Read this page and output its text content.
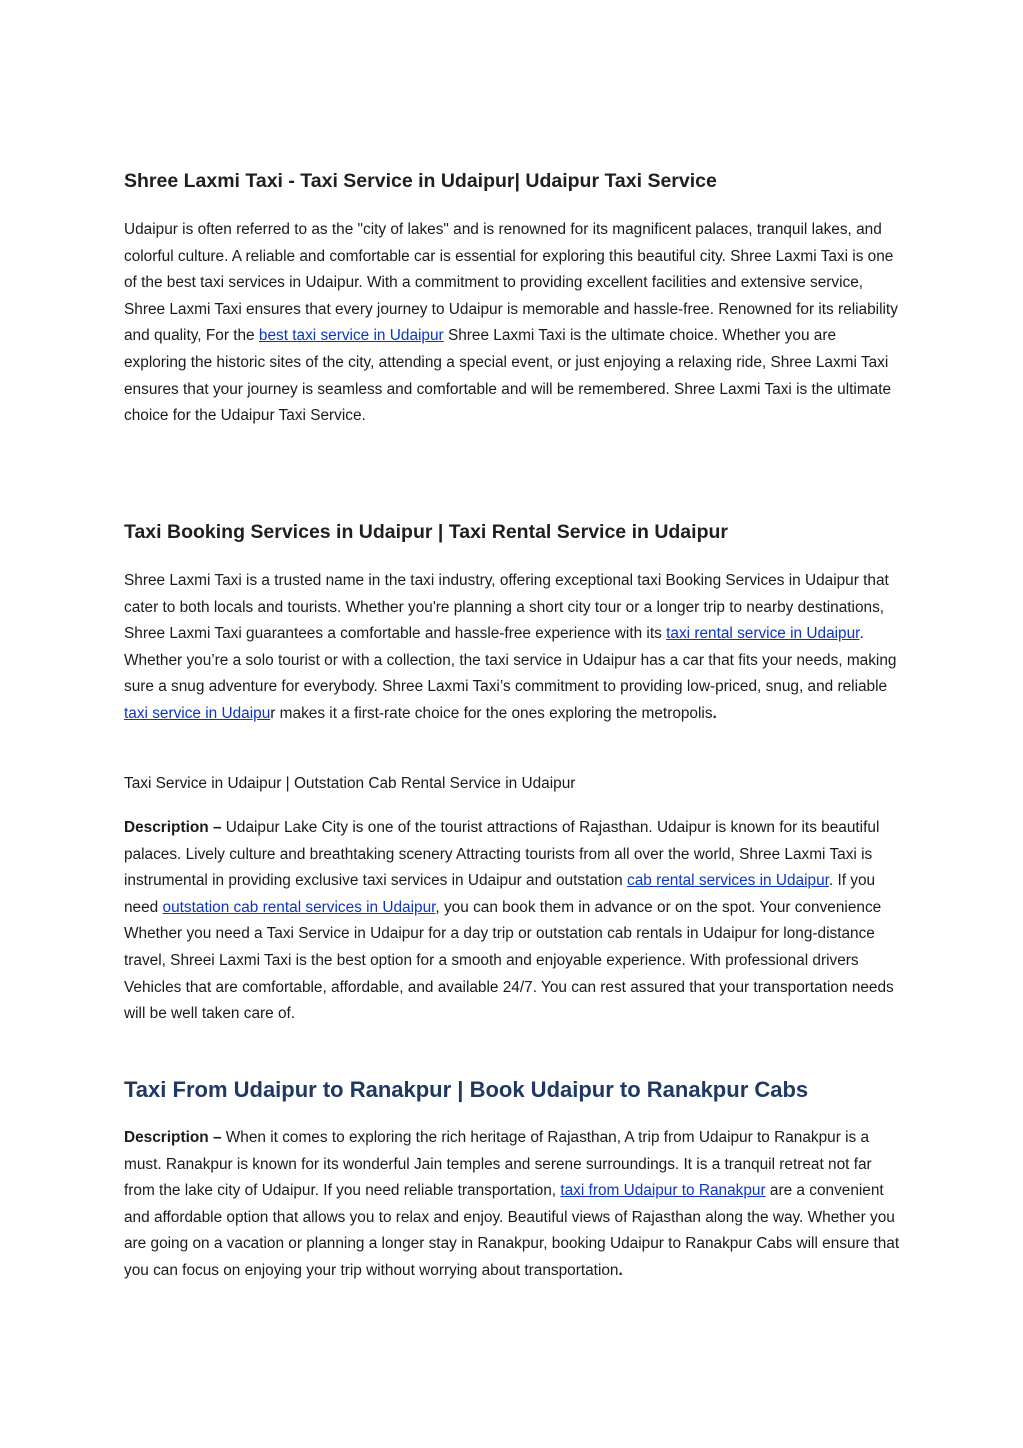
Shree Laxmi Taxi - Taxi Service in Udaipur| Udaipur Taxi Service

Udaipur is often referred to as the "city of lakes" and is renowned for its magnificent palaces, tranquil lakes, and colorful culture. A reliable and comfortable car is essential for exploring this beautiful city. Shree Laxmi Taxi is one of the best taxi services in Udaipur. With a commitment to providing excellent facilities and extensive service, Shree Laxmi Taxi ensures that every journey to Udaipur is memorable and hassle-free. Renowned for its reliability and quality, For the best taxi service in Udaipur Shree Laxmi Taxi is the ultimate choice. Whether you are exploring the historic sites of the city, attending a special event, or just enjoying a relaxing ride, Shree Laxmi Taxi ensures that your journey is seamless and comfortable and will be remembered. Shree Laxmi Taxi is the ultimate choice for the Udaipur Taxi Service.

Taxi Booking Services in Udaipur | Taxi Rental Service in Udaipur

Shree Laxmi Taxi is a trusted name in the taxi industry, offering exceptional taxi Booking Services in Udaipur that cater to both locals and tourists. Whether you're planning a short city tour or a longer trip to nearby destinations, Shree Laxmi Taxi guarantees a comfortable and hassle-free experience with its taxi rental service in Udaipur. Whether you’re a solo tourist or with a collection, the taxi service in Udaipur has a car that fits your needs, making sure a snug adventure for everybody. Shree Laxmi Taxi’s commitment to providing low-priced, snug, and reliable taxi service in Udaipur makes it a first-rate choice for the ones exploring the metropolis.

Taxi Service in Udaipur | Outstation Cab Rental Service in Udaipur

Description – Udaipur Lake City is one of the tourist attractions of Rajasthan. Udaipur is known for its beautiful palaces. Lively culture and breathtaking scenery Attracting tourists from all over the world, Shree Laxmi Taxi is instrumental in providing exclusive taxi services in Udaipur and outstation cab rental services in Udaipur. If you need outstation cab rental services in Udaipur, you can book them in advance or on the spot. Your convenience Whether you need a Taxi Service in Udaipur for a day trip or outstation cab rentals in Udaipur for long-distance travel, Shreei Laxmi Taxi is the best option for a smooth and enjoyable experience. With professional drivers Vehicles that are comfortable, affordable, and available 24/7. You can rest assured that your transportation needs will be well taken care of.

Taxi From Udaipur to Ranakpur | Book Udaipur to Ranakpur Cabs

Description – When it comes to exploring the rich heritage of Rajasthan, A trip from Udaipur to Ranakpur is a must. Ranakpur is known for its wonderful Jain temples and serene surroundings. It is a tranquil retreat not far from the lake city of Udaipur. If you need reliable transportation, taxi from Udaipur to Ranakpur are a convenient and affordable option that allows you to relax and enjoy. Beautiful views of Rajasthan along the way. Whether you are going on a vacation or planning a longer stay in Ranakpur, booking Udaipur to Ranakpur Cabs will ensure that you can focus on enjoying your trip without worrying about transportation.
